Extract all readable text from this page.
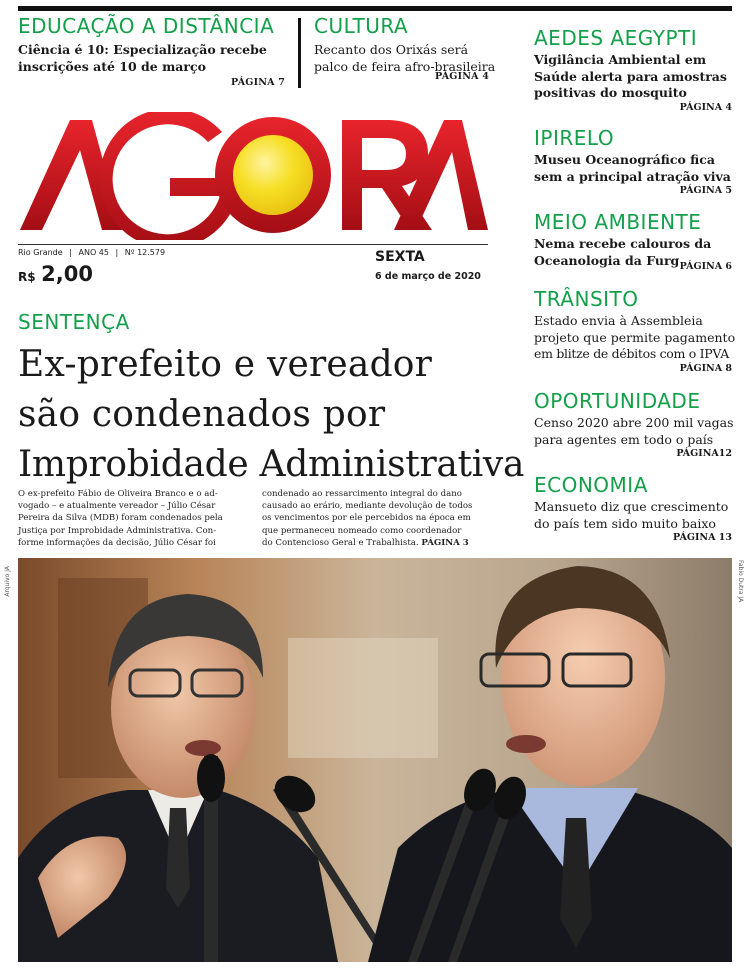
EDUCAÇÃO A DISTÂNCIA
Ciência é 10: Especialização recebe
inscrições até 10 de março
PÁGINA 7
CULTURA
Recanto dos Orixás será
palco de feira afro-brasileira
PÁGINA 4
Rio Grande | ANO 45 | Nº 12.579
R$ 2,00
SEXTA
6 de março de 2020
SENTENÇA
Ex-prefeito e vereador
são condenados por
Improbidade Administrativa
O ex-prefeito Fábio de Oliveira Branco e o ad-
vogado – e atualmente vereador – Júlio César
Pereira da Silva (MDB) foram condenados pela
Justiça por Improbidade Administrativa. Con-
forme informações da decisão, Júlio César foi
condenado ao ressarcimento integral do dano
causado ao erário, mediante devolução de todos
os vencimentos por ele percebidos na época em
que permaneceu nomeado como coordenador
do Contencioso Geral e Trabalhista. PÁGINA 3
AEDES AEGYPTI
Vigilância Ambiental em
Saúde alerta para amostras
positivas do mosquito
PÁGINA 4
IPIRELO
Museu Oceanográfico fica
sem a principal atração viva
PÁGINA 5
MEIO AMBIENTE
Nema recebe calouros da
Oceanologia da Furg PÁGINA 6
TRÂNSITO
Estado envia à Assembleia
projeto que permite pagamento
em blitze de débitos com o IPVA
PÁGINA 8
OPORTUNIDADE
Censo 2020 abre 200 mil vagas
para agentes em todo o país
PÁGINA12
ECONOMIA
Mansueto diz que crescimento
do país tem sido muito baixo
PÁGINA 13
Arquivo JA	Fabio Dutra JA
